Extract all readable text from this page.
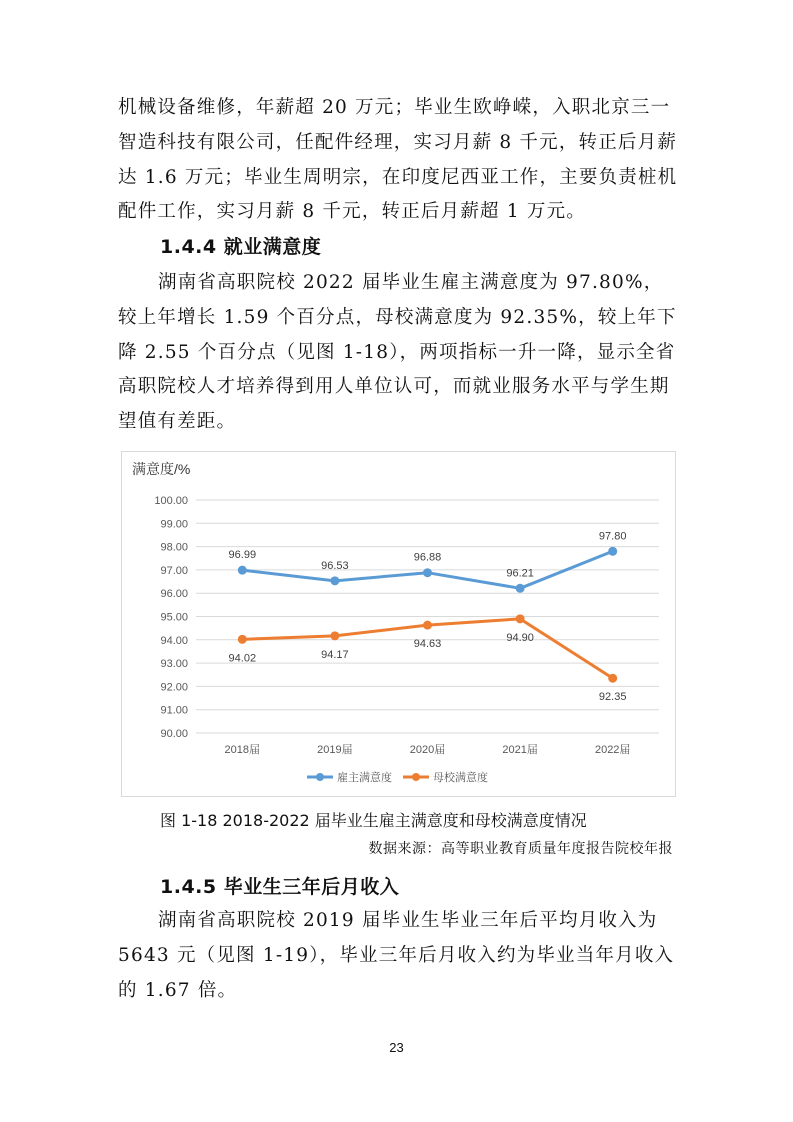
机械设备维修，年薪超 20 万元；毕业生欧峥嵘，入职北京三一智造科技有限公司，任配件经理，实习月薪 8 千元，转正后月薪达 1.6 万元；毕业生周明宗，在印度尼西亚工作，主要负责桩机配件工作，实习月薪 8 千元，转正后月薪超 1 万元。

1.4.4 就业满意度

湖南省高职院校 2022 届毕业生雇主满意度为 97.80%，较上年增长 1.59 个百分点，母校满意度为 92.35%，较上年下降 2.55 个百分点（见图 1-18），两项指标一升一降，显示全省高职院校人才培养得到用人单位认可，而就业服务水平与学生期望值有差距。

满意度/%
90.00
91.00
92.00
93.00
94.00
95.00
96.00
97.00
98.00
99.00
100.00
2018届	2019届	2020届	2021届	2022届
96.99
96.53
96.88
96.21
97.80
94.02	94.17
94.63
94.90
92.35
雇主满意度	母校满意度
图 1-18 2018-2022 届毕业生雇主满意度和母校满意度情况
数据来源：高等职业教育质量年度报告院校年报
1.4.5 毕业生三年后月收入

湖南省高职院校 2019 届毕业生毕业三年后平均月收入为 5643 元（见图 1-19），毕业三年后月收入约为毕业当年月收入的 1.67 倍。

23
